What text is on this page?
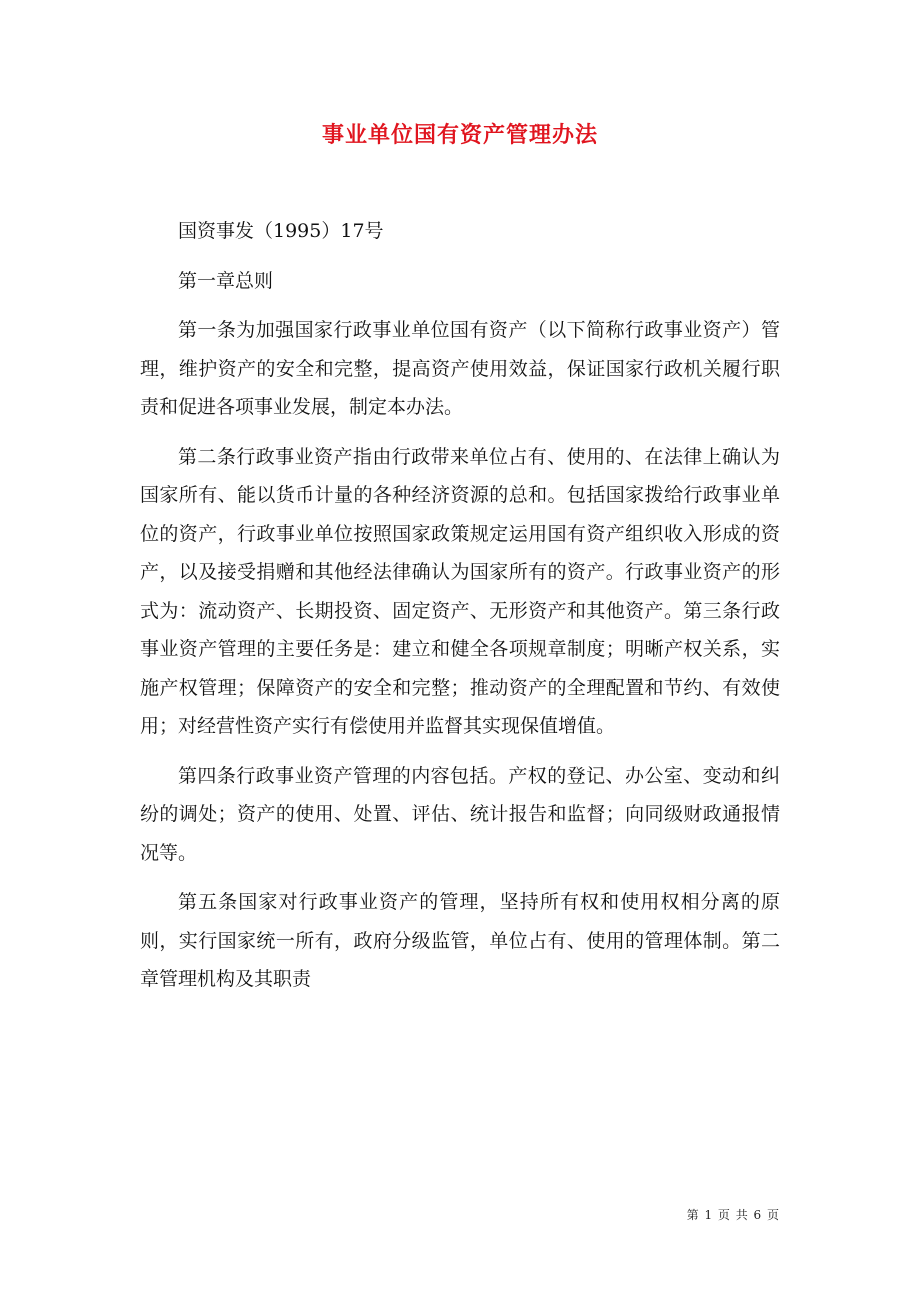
事业单位国有资产管理办法

国资事发（1995）17号

第一章总则

第一条为加强国家行政事业单位国有资产（以下简称行政事业资产）管理，维护资产的安全和完整，提高资产使用效益，保证国家行政机关履行职责和促进各项事业发展，制定本办法。

第二条行政事业资产指由行政带来单位占有、使用的、在法律上确认为国家所有、能以货币计量的各种经济资源的总和。包括国家拨给行政事业单位的资产，行政事业单位按照国家政策规定运用国有资产组织收入形成的资产，以及接受捐赠和其他经法律确认为国家所有的资产。行政事业资产的形式为：流动资产、长期投资、固定资产、无形资产和其他资产。第三条行政事业资产管理的主要任务是：建立和健全各项规章制度；明晰产权关系，实施产权管理；保障资产的安全和完整；推动资产的全理配置和节约、有效使用；对经营性资产实行有偿使用并监督其实现保值增值。

第四条行政事业资产管理的内容包括。产权的登记、办公室、变动和纠纷的调处；资产的使用、处置、评估、统计报告和监督；向同级财政通报情况等。

第五条国家对行政事业资产的管理，坚持所有权和使用权相分离的原则，实行国家统一所有，政府分级监管，单位占有、使用的管理体制。第二章管理机构及其职责

第 1 页 共 6 页
